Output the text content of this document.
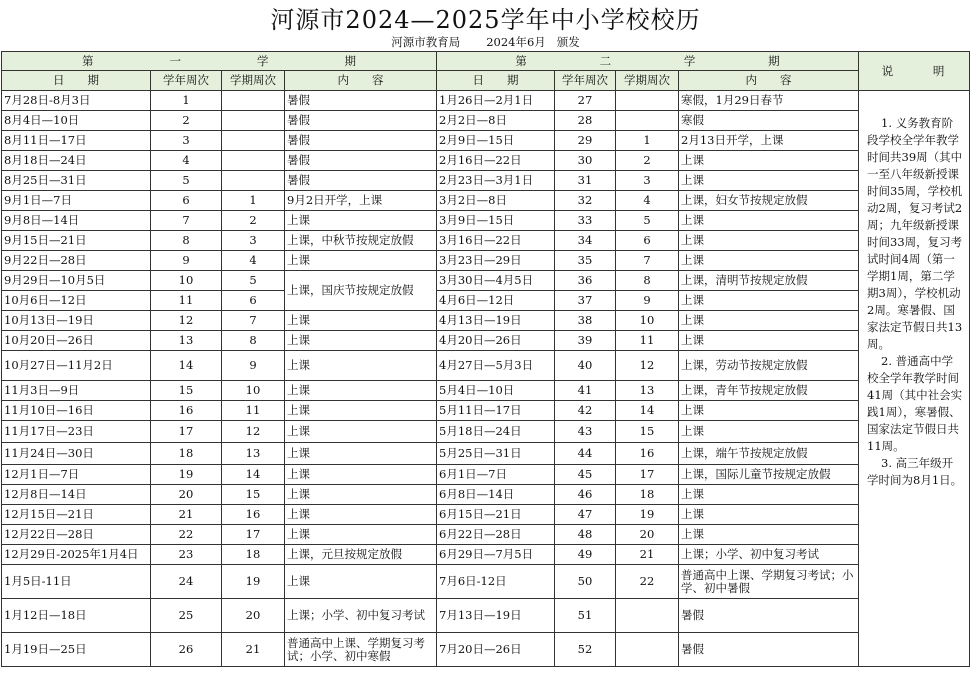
河源市2024—2025学年中小学校校历
河源市教育局 2024年6月 颁发
第 一 学 期				第 二 学 期				说 明
日　　期	学年周次	学期周次	内　　容	日　　期	学年周次	学期周次	内　　容	
7月28日-8月3日	1		暑假	1月26日—2月1日	27		寒假，1月29日春节	1. 义务教育阶段学校全学年教学时间共39周（其中一至八年级新授课时间35周，学校机动2周，复习考试2周；九年级新授课时间33周，复习考试时间4周（第一学期1周，第二学期3周），学校机动2周。寒暑假、国家法定节假日共13周。

2. 普通高中学校全学年教学时间41周（其中社会实践1周），寒暑假、国家法定节假日共11周。

3. 高三年级开学时间为8月1日。

8月4日—10日	2		暑假	2月2日—8日	28		寒假	
8月11日—17日	3		暑假	2月9日—15日	29	1	2月13日开学，上课	
8月18日—24日	4		暑假	2月16日—22日	30	2	上课	
8月25日—31日	5		暑假	2月23日—3月1日	31	3	上课	
9月1日—7日	6	1	9月2日开学，上课	3月2日—8日	32	4	上课，妇女节按规定放假	
9月8日—14日	7	2	上课	3月9日—15日	33	5	上课	
9月15日—21日	8	3	上课，中秋节按规定放假	3月16日—22日	34	6	上课	
9月22日—28日	9	4	上课	3月23日—29日	35	7	上课	
9月29日—10月5日	10	5	上课，国庆节按规定放假	3月30日—4月5日	36	8	上课，清明节按规定放假	
10月6日—12日	11	6		4月6日—12日	37	9	上课	
10月13日—19日	12	7	上课	4月13日—19日	38	10	上课	
10月20日—26日	13	8	上课	4月20日—26日	39	11	上课	
10月27日—11月2日	14	9	上课	4月27日—5月3日	40	12	上课，劳动节按规定放假	
11月3日—9日	15	10	上课	5月4日—10日	41	13	上课，青年节按规定放假	
11月10日—16日	16	11	上课	5月11日—17日	42	14	上课	
11月17日—23日	17	12	上课	5月18日—24日	43	15	上课	
11月24日—30日	18	13	上课	5月25日—31日	44	16	上课，端午节按规定放假	
12月1日—7日	19	14	上课	6月1日—7日	45	17	上课，国际儿童节按规定放假	
12月8日—14日	20	15	上课	6月8日—14日	46	18	上课	
12月15日—21日	21	16	上课	6月15日—21日	47	19	上课	
12月22日—28日	22	17	上课	6月22日—28日	48	20	上课	
12月29日-2025年1月4日	23	18	上课，元旦按规定放假	6月29日—7月5日	49	21	上课；小学、初中复习考试	
1月5日-11日	24	19	上课	7月6日-12日	50	22	普通高中上课、学期复习考试；小学、初中暑假	
1月12日—18日	25	20	上课；小学、初中复习考试	7月13日—19日	51		暑假	
1月19日—25日	26	21	普通高中上课、学期复习考试；小学、初中寒假	7月20日—26日	52		暑假	
